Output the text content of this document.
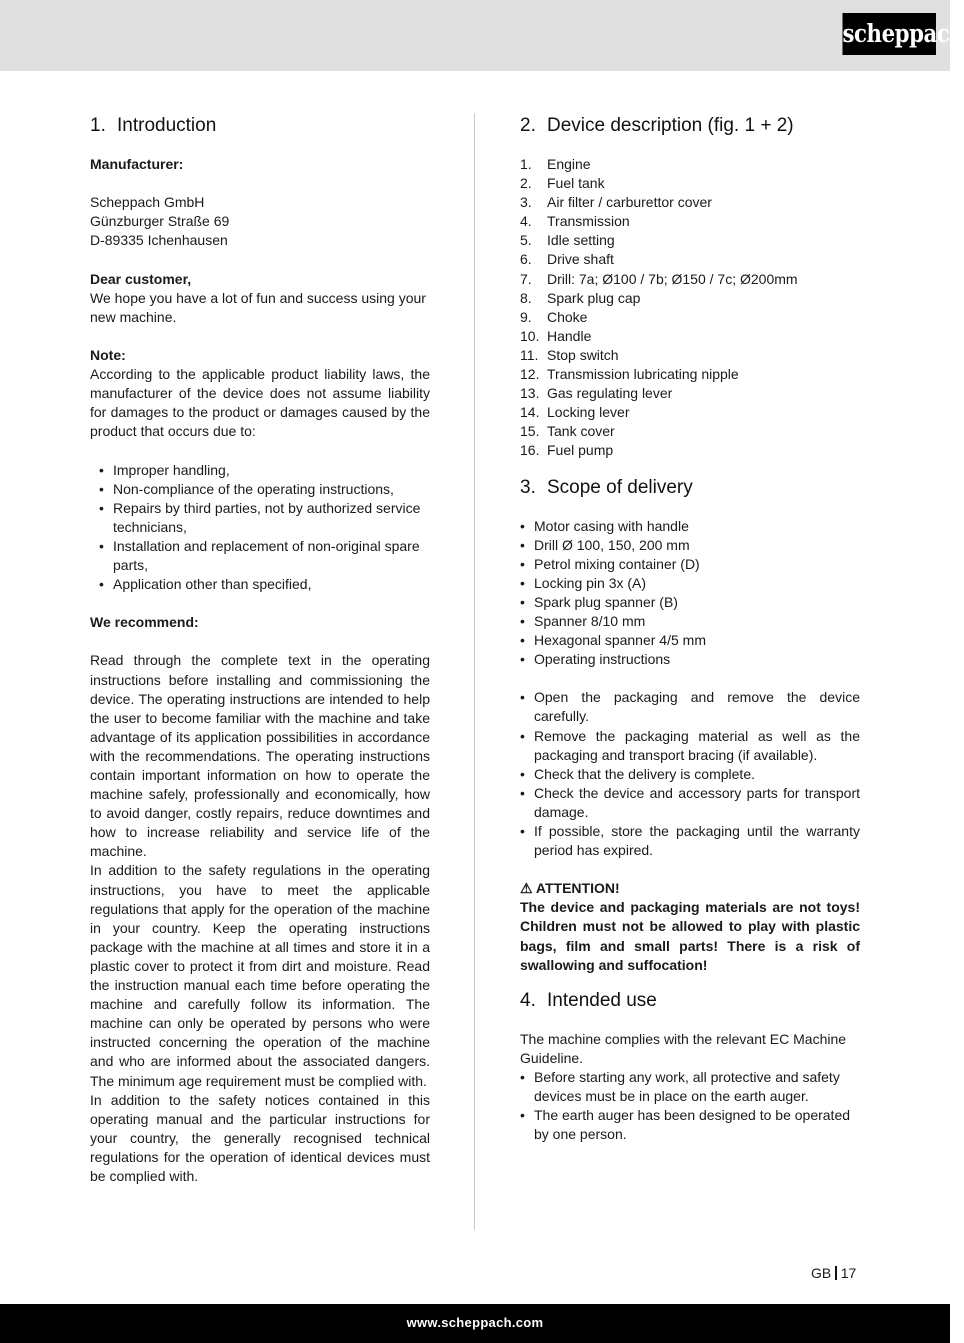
scheppach
1. Introduction

Manufacturer:

Scheppach GmbH

Günzburger Straße 69

D-89335 Ichenhausen

Dear customer,

We hope you have a lot of fun and success using your new machine.

Note:

According to the applicable product liability laws, the manufacturer of the device does not assume liability for damages to the product or damages caused by the product that occurs due to:

• Improper handling,
• Non-compliance of the operating instructions,
• Repairs by third parties, not by authorized service technicians,
• Installation and replacement of non-original spare parts,
• Application other than specified,

We recommend:

Read through the complete text in the operating instructions before installing and commissioning the device. The operating instructions are intended to help the user to become familiar with the machine and take advantage of its application possibilities in accordance with the recommendations. The operating instructions contain important information on how to operate the machine safely, professionally and economically, how to avoid danger, costly repairs, reduce downtimes and how to increase reliability and service life of the machine.

In addition to the safety regulations in the operating instructions, you have to meet the applicable regulations that apply for the operation of the machine in your country. Keep the operating instructions package with the machine at all times and store it in a plastic cover to protect it from dirt and moisture. Read the instruction manual each time before operating the machine and carefully follow its information. The machine can only be operated by persons who were instructed concerning the operation of the machine and who are informed about the associated dangers. The minimum age requirement must be complied with.

In addition to the safety notices contained in this operating manual and the particular instructions for your country, the generally recognised technical regulations for the operation of identical devices must be complied with.

2. Device description (fig. 1 + 2)
1. Engine
2. Fuel tank
3. Air filter / carburettor cover
4. Transmission
5. Idle setting
6. Drive shaft
7. Drill: 7a; Ø100 / 7b; Ø150 / 7c; Ø200mm
8. Spark plug cap
9. Choke
10. Handle
11. Stop switch
12. Transmission lubricating nipple
13. Gas regulating lever
14. Locking lever
15. Tank cover
16. Fuel pump
3. Scope of delivery
• Motor casing with handle
• Drill Ø 100, 150, 200 mm
• Petrol mixing container (D)
• Locking pin 3x (A)
• Spark plug spanner (B)
• Spanner 8/10 mm
• Hexagonal spanner 4/5 mm
• Operating instructions
• Open the packaging and remove the device carefully.
• Remove the packaging material as well as the packaging and transport bracing (if available).
• Check that the delivery is complete.
• Check the device and accessory parts for transport damage.
• If possible, store the packaging until the warranty period has expired.

⚠ ATTENTION!

The device and packaging materials are not toys! Children must not be allowed to play with plastic bags, film and small parts! There is a risk of swallowing and suffocation!

4. Intended use

The machine complies with the relevant EC Machine Guideline.

• Before starting any work, all protective and safety devices must be in place on the earth auger.
• The earth auger has been designed to be operated by one person.
GB 17
www.scheppach.com
